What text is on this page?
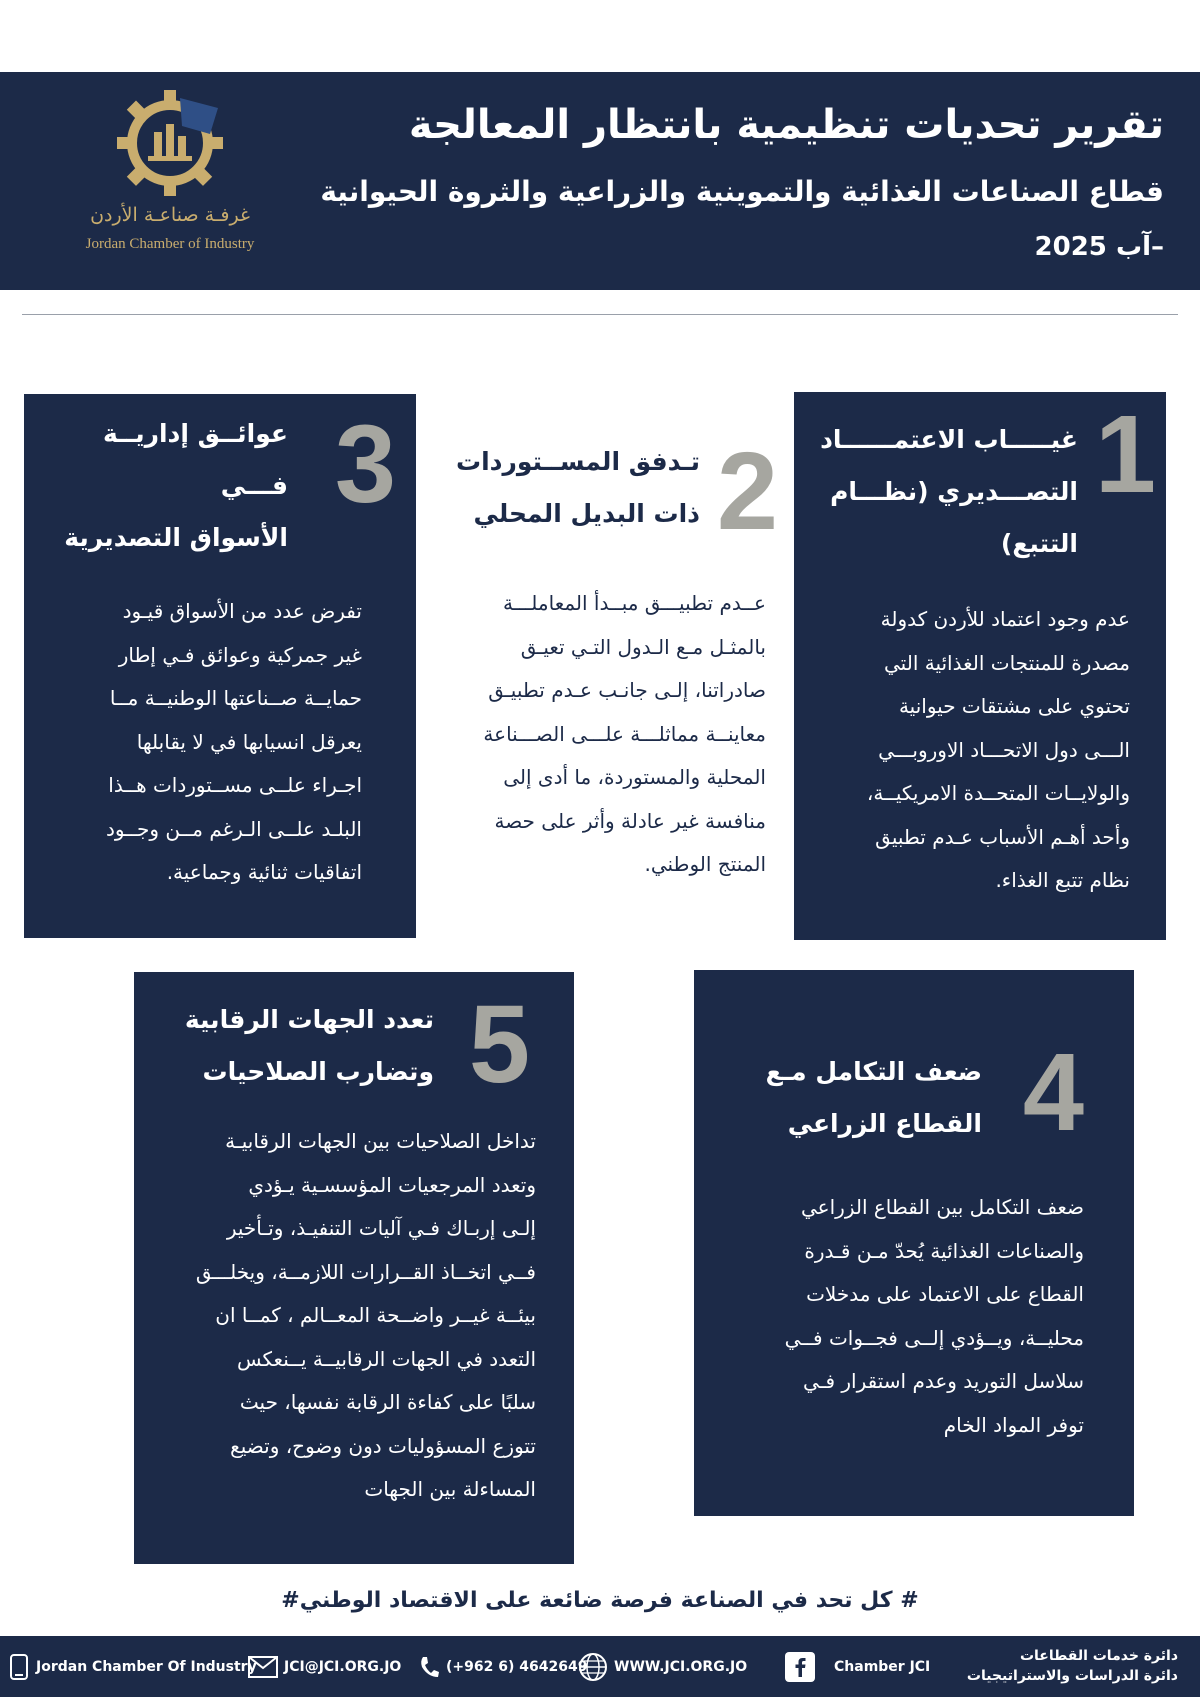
تقرير تحديات تنظيمية بانتظار المعالجة
قطاع الصناعات الغذائية والتموينية والزراعية والثروة الحيوانية
–آب 2025
غرفـة صناعـة الأردن
Jordan Chamber of Industry
1
غيـــــاب الاعتمــــــاد
التصـــديري (نظـــام
التتبع)
عدم وجود اعتماد للأردن كدولة
مصدرة للمنتجات الغذائية التي
تحتوي على مشتقات حيوانية
الـــى دول الاتحـــاد الاوروبـــي
والولايــات المتحــدة الامريكيــة،
وأحد أهـم الأسباب عـدم تطبيق
نظام تتبع الغذاء.
2
تـدفق المســتوردات
ذات البديل المحلي
عــدم تطبيـــق مبــدأ المعاملـــة
بالمثـل مـع الـدول التـي تعيـق
صادراتنا، إلـى جانـب عـدم تطبيـق
معاينــة مماثلـــة علـــى الصـــناعة
المحلية والمستوردة، ما أدى إلى
منافسة غير عادلة وأثر على حصة
المنتج الوطني.
3
عوائــق إداريــة فـــي
الأسواق التصديرية
تفرض عدد من الأسواق قيـود
غير جمركية وعوائق فـي إطار
حمايــة صــناعتها الوطنيــة مــا
يعرقل انسيابها في لا يقابلها
اجـراء علــى مســتوردات هــذا
البلـد علــى الـرغم مــن وجــود
اتفاقيات ثنائية وجماعية.
4
ضعف التكامل مـع
القطاع الزراعي
ضعف التكامل بين القطاع الزراعي
والصناعات الغذائية يُحدّ مـن قـدرة
القطاع على الاعتماد على مدخلات
محليــة، ويــؤدي إلــى فجــوات فــي
سلاسل التوريد وعدم استقرار فـي
توفر المواد الخام
5
تعدد الجهات الرقابية
وتضارب الصلاحيات
تداخل الصلاحيات بين الجهات الرقابيـة
وتعدد المرجعيات المؤسسـية يـؤدي
إلـى إربـاك فـي آليات التنفيـذ، وتـأخير
فــي اتخــاذ القــرارات اللازمــة، ويخلـــق
بيئــة غيــر واضــحة المعــالم ، كمــا ان
التعدد في الجهات الرقابيــة يــنعكس
سلبًا على كفاءة الرقابة نفسها، حيث
تتوزع المسؤوليات دون وضوح، وتضيع
المساءلة بين الجهات
# كل تحد في الصناعة فرصة ضائعة على الاقتصاد الوطني#
Jordan Chamber Of Industry JCI@JCI.ORG.JO	(+962 6) 4642649 WWW.JCI.ORG.JO	Chamber JCI
دائرة خدمات القطاعات
دائرة الدراسات والاستراتيجيات
